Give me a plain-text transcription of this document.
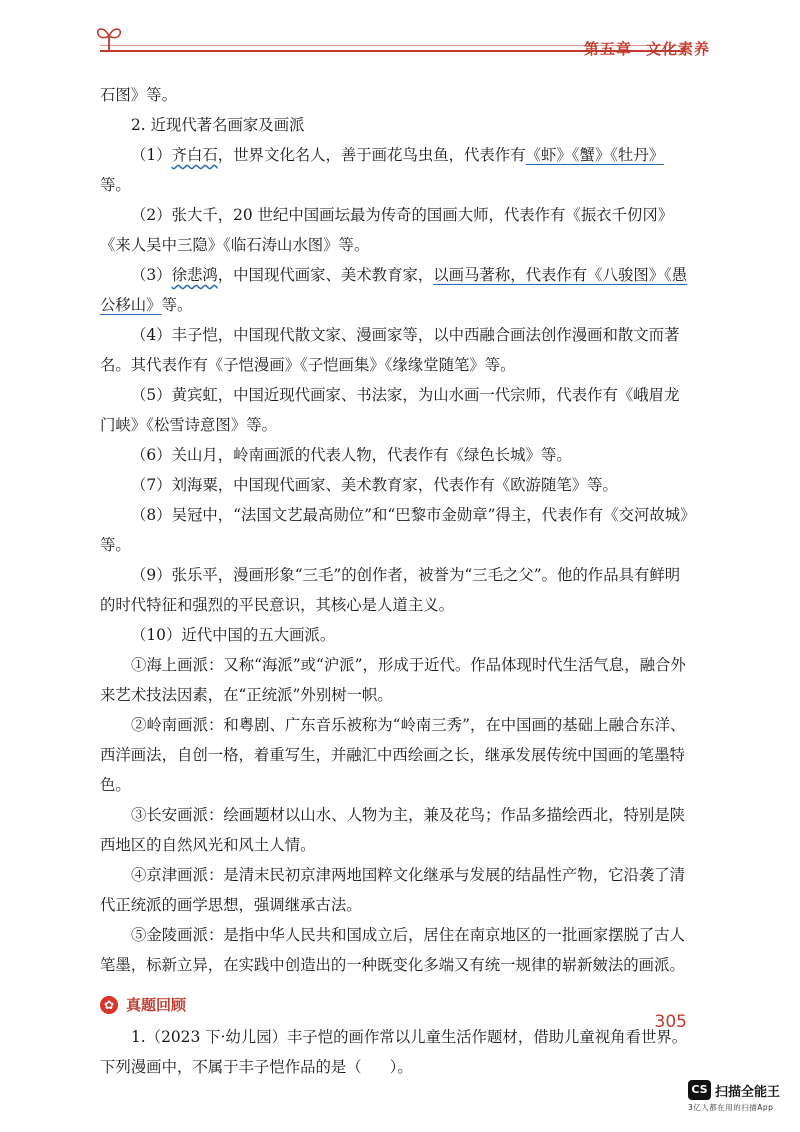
第五章 文化素养

石图》等。

2. 近现代著名画家及画派

（1）齐白石，世界文化名人，善于画花鸟虫鱼，代表作有《虾》《蟹》《牡丹》等。

（2）张大千，20 世纪中国画坛最为传奇的国画大师，代表作有《振衣千仞冈》《来人吴中三隐》《临石涛山水图》等。

（3）徐悲鸿，中国现代画家、美术教育家，以画马著称，代表作有《八骏图》《愚公移山》等。

（4）丰子恺，中国现代散文家、漫画家等，以中西融合画法创作漫画和散文而著名。其代表作有《子恺漫画》《子恺画集》《缘缘堂随笔》等。

（5）黄宾虹，中国近现代画家、书法家，为山水画一代宗师，代表作有《峨眉龙门峡》《松雪诗意图》等。

（6）关山月，岭南画派的代表人物，代表作有《绿色长城》等。

（7）刘海粟，中国现代画家、美术教育家，代表作有《欧游随笔》等。

（8）吴冠中，“法国文艺最高勋位”和“巴黎市金勋章”得主，代表作有《交河故城》等。

（9）张乐平，漫画形象“三毛”的创作者，被誉为“三毛之父”。他的作品具有鲜明的时代特征和强烈的平民意识，其核心是人道主义。

（10）近代中国的五大画派。

①海上画派：又称“海派”或“沪派”，形成于近代。作品体现时代生活气息，融合外来艺术技法因素，在“正统派”外别树一帜。

②岭南画派：和粤剧、广东音乐被称为“岭南三秀”，在中国画的基础上融合东洋、西洋画法，自创一格，着重写生，并融汇中西绘画之长，继承发展传统中国画的笔墨特色。

③长安画派：绘画题材以山水、人物为主，兼及花鸟；作品多描绘西北，特别是陕西地区的自然风光和风土人情。

④京津画派：是清末民初京津两地国粹文化继承与发展的结晶性产物，它沿袭了清代正统派的画学思想，强调继承古法。

⑤金陵画派：是指中华人民共和国成立后，居住在南京地区的一批画家摆脱了古人笔墨，标新立异，在实践中创造出的一种既变化多端又有统一规律的崭新皴法的画派。

✿ 真题回顾

1.（2023 下·幼儿园）丰子恺的画作常以儿童生活作题材，借助儿童视角看世界。下列漫画中，不属于丰子恺作品的是（ ）。

305
CS 扫描全能王
3亿人都在用的扫描App
